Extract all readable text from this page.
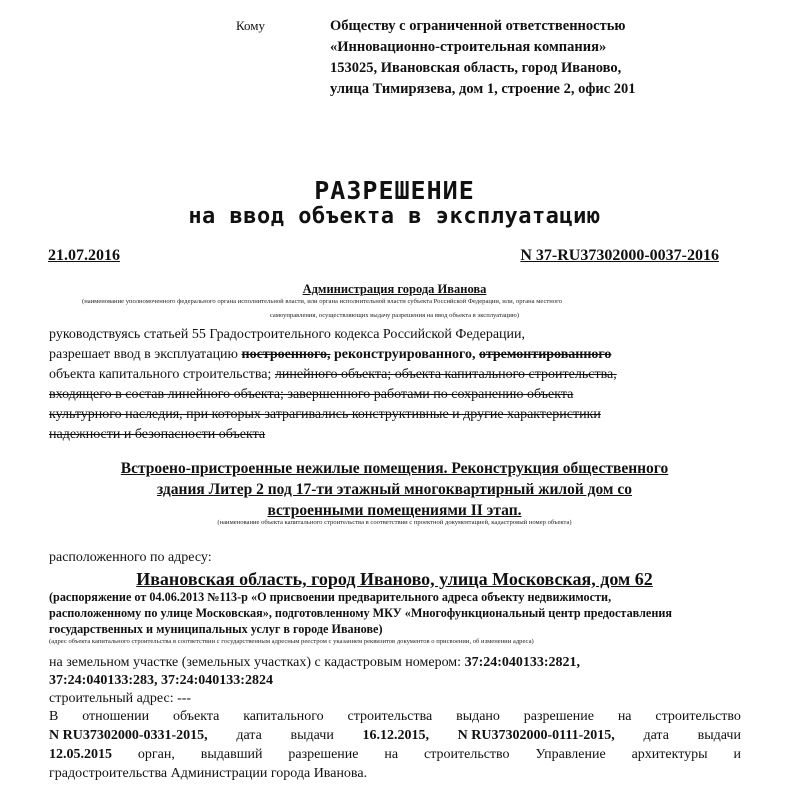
Кому	Обществу с ограниченной ответственностью
«Инновационно-строительная компания»
153025, Ивановская область, город Иваново,
улица Тимирязева, дом 1, строение 2, офис 201
РАЗРЕШЕНИЕ
на ввод объекта в эксплуатацию
21.07.2016	N 37-RU37302000-0037-2016
Администрация города Иванова
(наименование уполномоченного федерального органа исполнительной власти, или органа исполнительной власти субъекта Российской Федерации, или, органа местного
самоуправления, осуществляющих выдачу разрешения на ввод объекта в эксплуатацию)
руководствуясь статьей 55 Градостроительного кодекса Российской Федерации,
разрешает ввод в эксплуатацию построенного, реконструированного, отремонтированного
объекта капитального строительства; линейного объекта; объекта капитального строительства,
входящего в состав линейного объекта; завершенного работами по сохранению объекта
культурного наследия, при которых затрагивались конструктивные и другие характеристики
надежности и безопасности объекта
Встроено-пристроенные нежилые помещения. Реконструкция общественного
здания Литер 2 под 17-ти этажный многоквартирный жилой дом со
встроенными помещениями II этап.
(наименование объекта капитального строительства в соответствии с проектной документацией, кадастровый номер объекта)
расположенного по адресу:
Ивановская область, город Иваново, улица Московская, дом 62
(распоряжение от 04.06.2013 №113-р «О присвоении предварительного адреса объекту недвижимости,
расположенному по улице Московская», подготовленному МКУ «Многофункциональный центр предоставления
государственных и муниципальных услуг в городе Иванове)
(адрес объекта капитального строительства в соответствии с государственным адресным реестром с указанием реквизитов документов о присвоении, об изменении адреса)
на земельном участке (земельных участках) с кадастровым номером: 37:24:040133:2821,
37:24:040133:283, 37:24:040133:2824
строительный адрес: ---
В отношении объекта капитального строительства выдано разрешение на строительство
N RU37302000-0331-2015, дата выдачи 16.12.2015, N RU37302000-0111-2015, дата выдачи
12.05.2015 орган, выдавший разрешение на строительство Управление архитектуры и
градостроительства Администрации города Иванова.
